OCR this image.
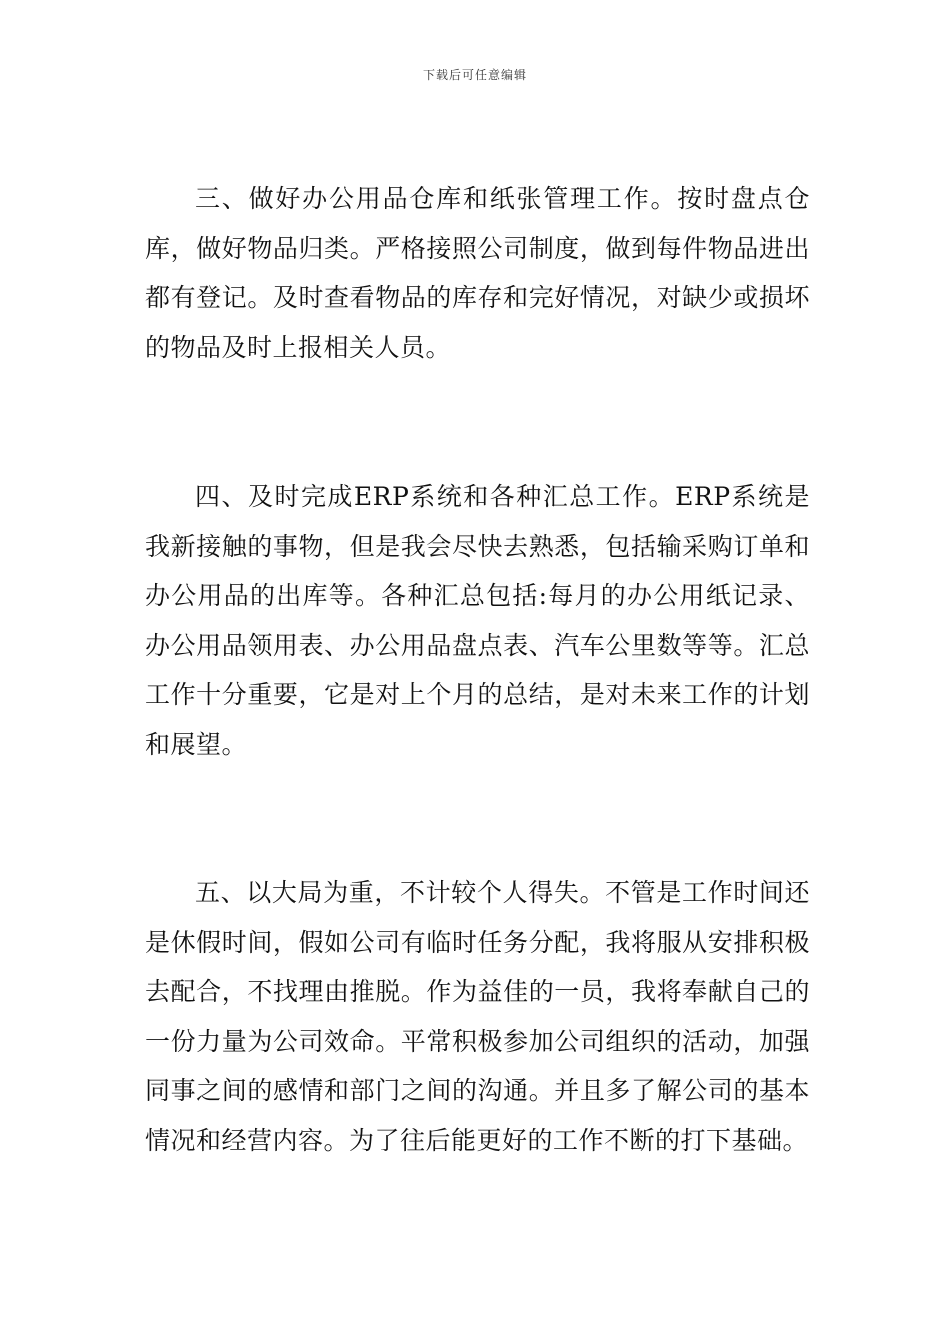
下载后可任意编辑

三、做好办公用品仓库和纸张管理工作。按时盘点仓库，做好物品归类。严格接照公司制度，做到每件物品进出都有登记。及时查看物品的库存和完好情况，对缺少或损坏的物品及时上报相关人员。

四、及时完成ERP系统和各种汇总工作。ERP系统是我新接触的事物，但是我会尽快去熟悉，包括输采购订单和办公用品的出库等。各种汇总包括:每月的办公用纸记录、办公用品领用表、办公用品盘点表、汽车公里数等等。汇总工作十分重要，它是对上个月的总结，是对未来工作的计划和展望。

五、以大局为重，不计较个人得失。不管是工作时间还是休假时间，假如公司有临时任务分配，我将服从安排积极去配合，不找理由推脱。作为益佳的一员，我将奉献自己的一份力量为公司效命。平常积极参加公司组织的活动，加强同事之间的感情和部门之间的沟通。并且多了解公司的基本情况和经营内容。为了往后能更好的工作不断的打下基础。
